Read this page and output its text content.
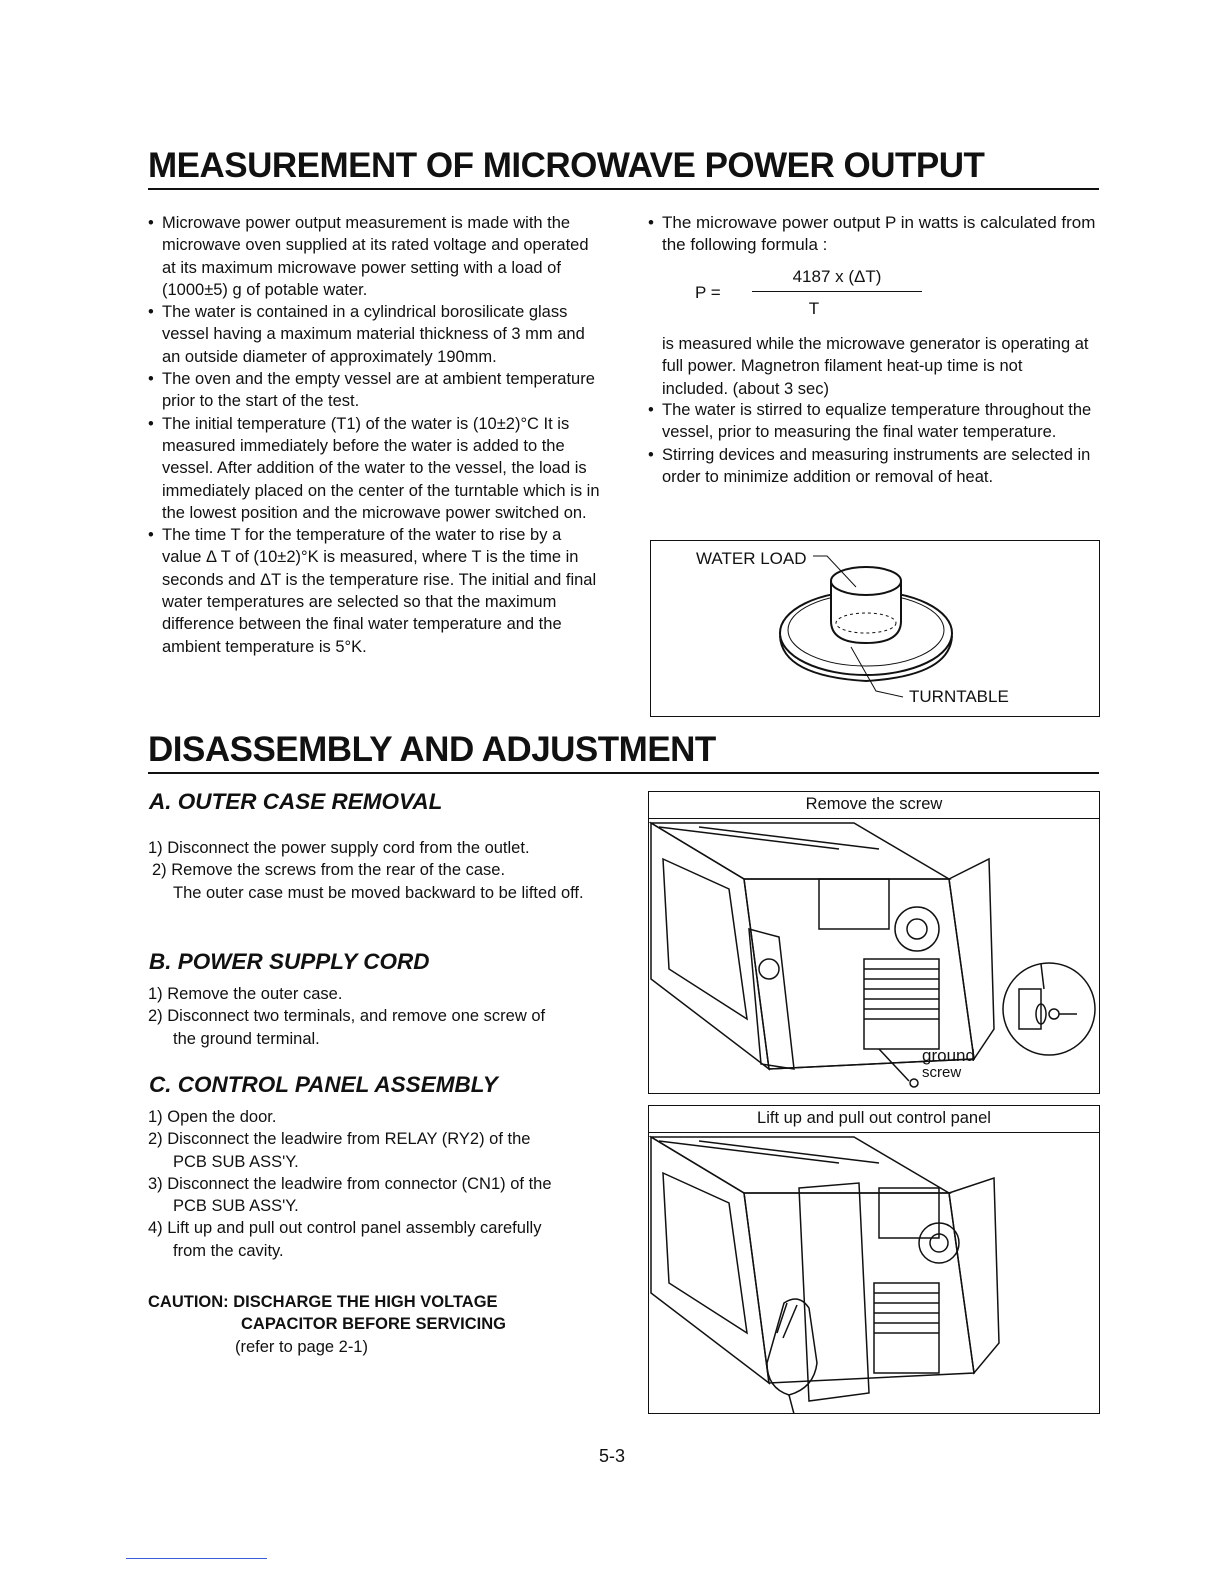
MEASUREMENT OF MICROWAVE POWER OUTPUT

• Microwave power output measurement is made with the microwave oven supplied at its rated voltage and operated at its maximum microwave power setting with a load of (1000±5) g of potable water.

• The water is contained in a cylindrical borosilicate glass vessel having a maximum material thickness of 3 mm and an outside diameter of approximately 190mm.

• The oven and the empty vessel are at ambient temperature prior to the start of the test.

• The initial temperature (T1) of the water is (10±2)°C It is measured immediately before the water is added to the vessel. After addition of the water to the vessel, the load is immediately placed on the center of the turntable which is in the lowest position and the microwave power switched on.

• The time T for the temperature of the water to rise by a value Δ T of (10±2)°K is measured, where T is the time in seconds and ΔT is the temperature rise. The initial and final water temperatures are selected so that the maximum difference between the final water temperature and the ambient temperature is 5°K.

• The microwave power output P in watts is calculated from the following formula :

P =
4187 x (ΔT)
T
is measured while the microwave generator is operating at full power. Magnetron filament heat-up time is not included. (about 3 sec)

• The water is stirred to equalize temperature throughout the vessel, prior to measuring the final water temperature.

• Stirring devices and measuring instruments are selected in order to minimize addition or removal of heat.

WATER LOAD
TURNTABLE
DISASSEMBLY AND ADJUSTMENT
A. OUTER CASE REMOVAL
1) Disconnect the power supply cord from the outlet.
2) Remove the screws from the rear of the case.
The outer case must be moved backward to be lifted off.
B. POWER SUPPLY CORD
1) Remove the outer case.
2) Disconnect two terminals, and remove one screw of
the ground terminal.
C. CONTROL PANEL ASSEMBLY
1) Open the door.
2) Disconnect the leadwire from RELAY (RY2) of the
PCB SUB ASS'Y.
3) Disconnect the leadwire from connector (CN1) of the
PCB SUB ASS'Y.
4) Lift up and pull out control panel assembly carefully
from the cavity.
CAUTION: DISCHARGE THE HIGH VOLTAGE
CAPACITOR BEFORE SERVICING
(refer to page 2-1)
Remove the screw
ground
screw
Lift up and pull out control panel
5-3
